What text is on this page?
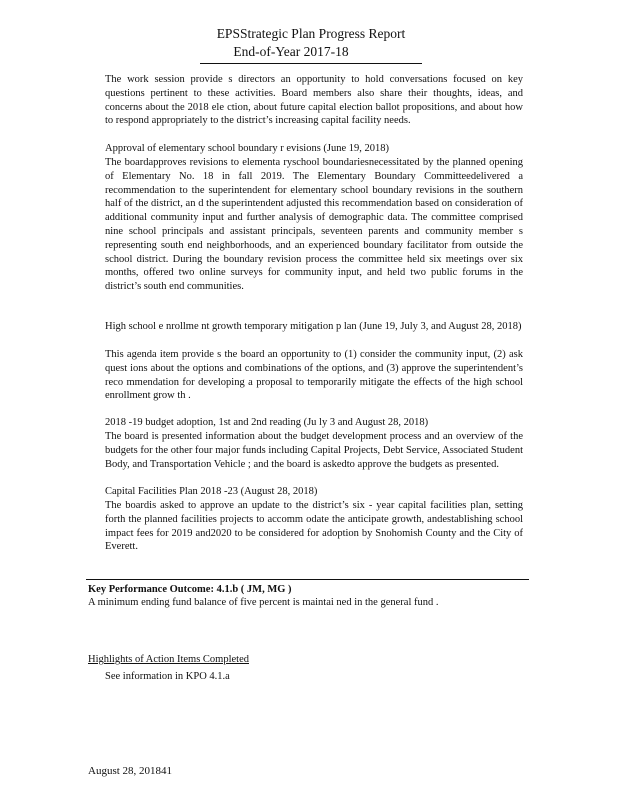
EPSStrategic Plan Progress Report
End-of-Year 2017-18
The work session provide s directors an opportunity to hold conversations focused on key questions pertinent to these activities. Board members also share their thoughts, ideas, and concerns about the 2018 ele ction, about future capital election ballot propositions, and about how to respond appropriately to the district’s increasing capital facility needs.
Approval of elementary school boundary r evisions (June 19, 2018)
The boardapproves revisions to elementa ryschool boundariesnecessitated by the planned opening of Elementary No. 18 in fall 2019. The Elementary Boundary Committeedelivered a recommendation to the superintendent for elementary school boundary revisions in the southern half of the district, an d the superintendent adjusted this recommendation based on consideration of additional community input and further analysis of demographic data. The committee comprised nine school principals and assistant principals, seventeen parents and community member s representing south end neighborhoods, and an experienced boundary facilitator from outside the school district. During the boundary revision process the committee held six meetings over six months, offered two online surveys for community input, and held two public forums in the district’s south end communities.
High school e nrollme nt growth temporary mitigation p lan (June 19, July 3, and August 28, 2018)
This agenda item provide s the board an opportunity to (1) consider the community input, (2) ask quest ions about the options and combinations of the options, and (3) approve the superintendent’s reco mmendation for developing a proposal to temporarily mitigate the effects of the high school enrollment grow th .
2018 -19 budget adoption, 1st and 2nd reading (Ju ly 3 and August 28, 2018)
The board is presented information about the budget development process and an overview of the budgets for the other four major funds including Capital Projects, Debt Service, Associated Student Body, and Transportation Vehicle ; and the board is askedto approve the budgets as presented.
Capital Facilities Plan 2018 -23 (August 28, 2018)
The boardis asked to approve an update to the district’s six - year capital facilities plan, setting forth the planned facilities projects to accomm odate the anticipate growth, andestablishing school impact fees for 2019 and2020 to be considered for adoption by Snohomish County and the City of Everett.
Key Performance Outcome: 4.1.b ( JM, MG )
A minimum ending fund balance of five percent is maintai ned in the general fund .
Highlights of Action Items Completed
See information in KPO 4.1.a
August 28, 201841
